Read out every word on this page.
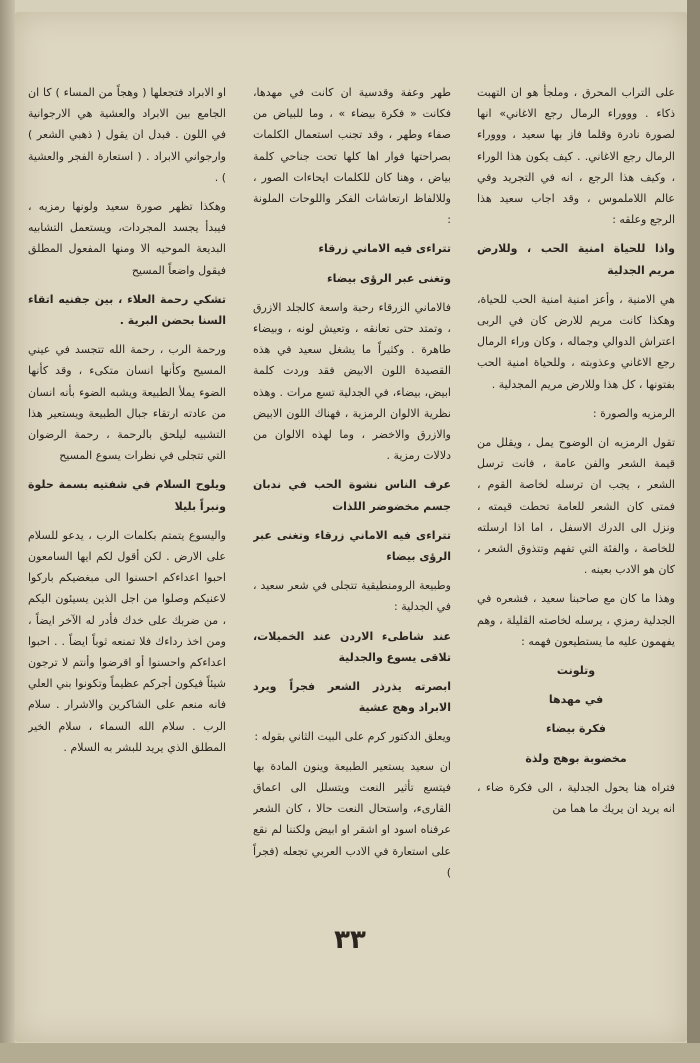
على التراب المحرق ، وملجأ هو ان التهبت ذكاء . وووراء الرمال رجع الاغاني» انها لصورة نادرة وقلما فاز بها سعيد ، وووراء الرمال رجع الاغاني. . كيف يكون هذا الوراء ، وكيف هذا الرجع ، انه في التجريد وفي عالم اللاملموس ، وقد اجاب سعيد هذا الرجع وعلقه :
واذا للحياة امنية الحب ، وللارض مريم الجدلية
هي الامنية ، وأعز امنية امنية الحب للحياة، وهكذا كانت مريم للارض كان في الربى اعتراش الدوالي وجماله ، وكان وراء الرمال رجع الاغاني وعذوبته ، وللحياة امنية الحب بفتونها ، كل هذا وللارض مريم المجدلية .
الرمزيه والصورة :
تقول الرمزيه ان الوضوح يمل ، ويقلل من قيمة الشعر والفن عامة ، فانت ترسل الشعر ، يجب ان ترسله لخاصة القوم ، فمتى كان الشعر للعامة تحطت قيمته ، ونزل الى الدرك الاسفل ، اما اذا ارسلته للخاصة ، والفئة التي تفهم وتتذوق الشعر ، كان هو الادب بعينه .
وهذا ما كان مع صاحبنا سعيد ، فشعره في الجدلية رمزي ، يرسله لخاصته القليلة ، وهم يفهمون عليه ما يستطيعون فهمه :
وتلونت
في مهدها
فكرة بيضاء
مخضوبة بوهج ولذة
فتراه هنا يحول الجدلية ، الى فكرة ضاء ، انه يريد ان يريك ما هما من
طهر وعفة وقدسية ان كانت في مهدها، فكانت « فكرة بيضاء » ، وما للبياض من صفاء وطهر ، وقد تجنب استعمال الكلمات بصراحتها فوار اها كلها تحت جناحي كلمة بياض ، وهنا كان للكلمات ايحاءات الصور ، وللالفاظ ارتعاشات الفكر واللوحات الملونة :
تتراءى فيه الاماني زرقاء
وتغنى عبر الرؤى بيضاء
فالاماني الزرقاء رحبة واسعة كالجلد الازرق ، وتمتد حتى تعانقه ، وتعيش لونه ، وبيضاء طاهرة . وكثيراً ما يشغل سعيد في هذه القصيدة اللون الابيض فقد وردت كلمة ابيض، بيضاء، في الجدلية تسع مرات . وهذه نظرية الالوان الرمزية ، فهناك اللون الابيض والازرق والاخضر ، وما لهذه الالوان من دلالات رمزية .
عرف الناس نشوة الحب في ندبان جسم مخضوضر اللذات
تتراءى فيه الاماني زرقاء وتغنى عبر الرؤى بيضاء
وطبيعة الرومنطيقية تتجلى في شعر سعيد ، في الجدلية :
عند شاطىء الاردن عند الخميلات، تلاقى يسوع والجدلية
ابصرته يذرذر الشعر فجراً ويرد الابراد وهج عشية
ويعلق الدكتور كرم على البيت الثاني بقوله :
ان سعيد يستعير الطبيعة وينون المادة بها فيتسع تأثير النعت ويتسلل الى اعماق القارىء، واستحال النعت حالا ، كان الشعر عرفناه اسود او اشقر او ابيض ولكننا لم نقع على استعارة في الادب العربي تجعله (فجراً )
او الابراد فتجعلها ( وهجاً من المساء ) كا ان الجامع بين الابراد والعشية هي الارجوانية في اللون . فبدل ان يقول ( ذهبي الشعر ) وارجواني الابراد . ( استعارة الفجر والعشية ) .
وهكذا تظهر صورة سعيد ولونها رمزيه ، فيبدأ يجسد المجردات، ويستعمل التشابيه البديعة الموحيه الا ومنها المفعول المطلق فيقول واضعاً المسيح
تشكي رحمة العلاء ، بين جفنيه اتقاء السنا بحضن البرية .
ورحمة الرب ، رحمة الله تتجسد في عيني المسيح وكأنها انسان متكىء ، وقد كأنها الضوء يملأ الطبيعة ويشبه الضوء بأنه انسان من عادته ارتقاء جبال الطبيعة ويستعير هذا التشبيه ليلحق بالرحمة ، رحمة الرضوان التي تتجلى في نظرات يسوع المسيح
ويلوح السلام في شفتيه بسمة حلوة ونبراً بليلا
واليسوع يتمتم بكلمات الرب ، يدعو للسلام على الارض . لكن أقول لكم ايها السامعون احبوا اعداءكم احسنوا الى مبغضيكم باركوا لاعنيكم وصلوا من اجل الذين يسيئون اليكم ، من ضربك على خدك فأدر له الآخر ايضاً ، ومن اخذ رداءك فلا تمنعه ثوباً ايضاً . . احبوا اعداءكم واحسنوا أو اقرضوا وأنتم لا ترجون شيئاً فيكون أجركم عظيماً وتكونوا بني العلي فانه منعم على الشاكرين والاشرار . سلام الرب . سلام الله السماء ، سلام الخير المطلق الذي يريد للبشر به السلام .
٣٣
